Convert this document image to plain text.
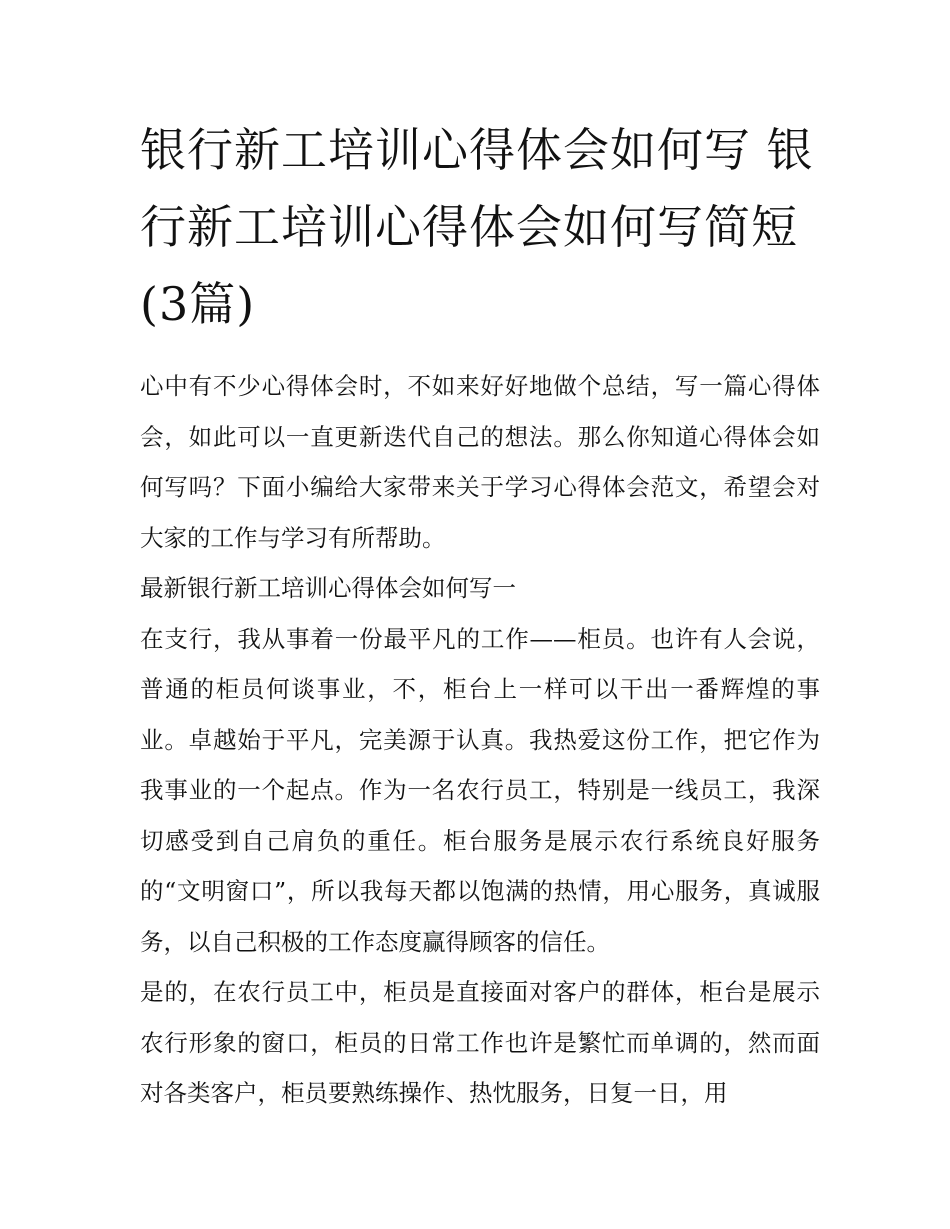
银行新工培训心得体会如何写 银行新工培训心得体会如何写简短(3篇)

心中有不少心得体会时，不如来好好地做个总结，写一篇心得体会，如此可以一直更新迭代自己的想法。那么你知道心得体会如何写吗？下面小编给大家带来关于学习心得体会范文，希望会对大家的工作与学习有所帮助。

最新银行新工培训心得体会如何写一

在支行，我从事着一份最平凡的工作——柜员。也许有人会说，普通的柜员何谈事业，不，柜台上一样可以干出一番辉煌的事业。卓越始于平凡，完美源于认真。我热爱这份工作，把它作为我事业的一个起点。作为一名农行员工，特别是一线员工，我深切感受到自己肩负的重任。柜台服务是展示农行系统良好服务的“文明窗口”，所以我每天都以饱满的热情，用心服务，真诚服务，以自己积极的工作态度赢得顾客的信任。

是的，在农行员工中，柜员是直接面对客户的群体，柜台是展示农行形象的窗口，柜员的日常工作也许是繁忙而单调的，然而面对各类客户，柜员要熟练操作、热忱服务，日复一日，用
